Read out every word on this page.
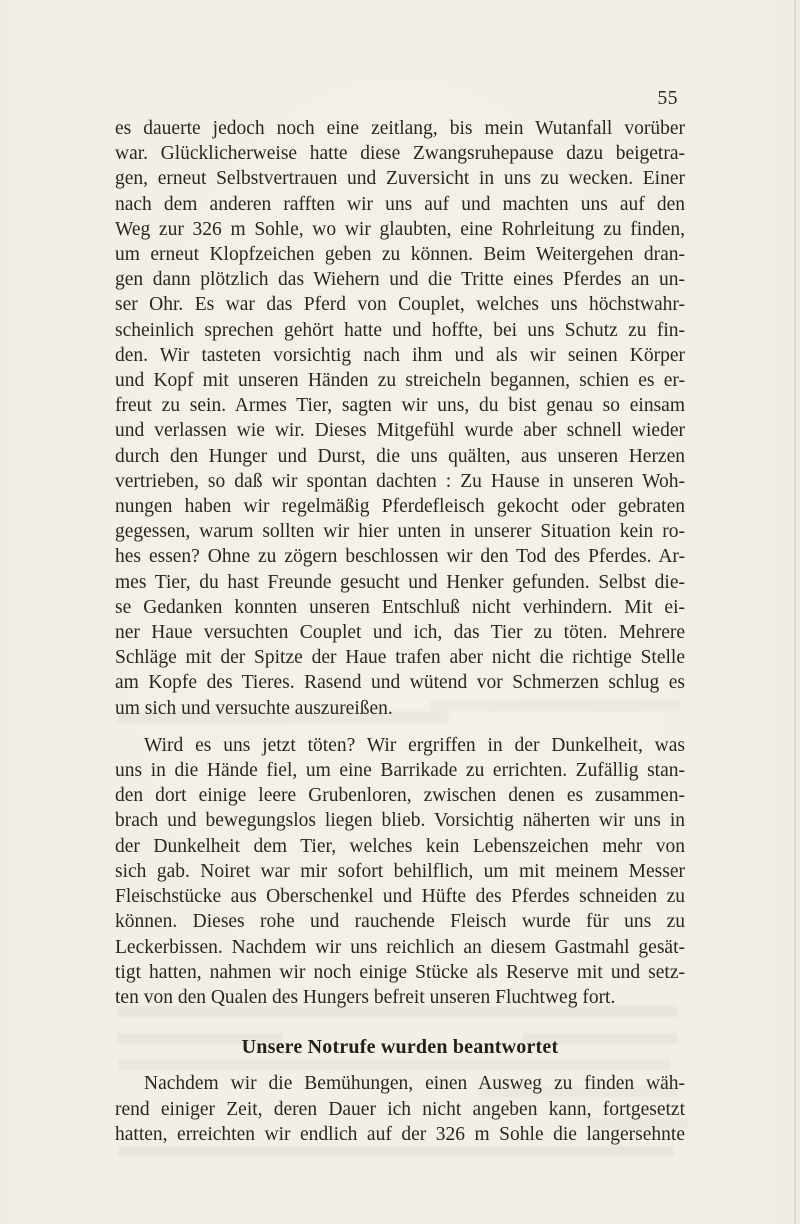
55
es dauerte jedoch noch eine zeitlang, bis mein Wutanfall vorüber
war. Glücklicherweise hatte diese Zwangsruhepause dazu beigetra-
gen, erneut Selbstvertrauen und Zuversicht in uns zu wecken. Einer
nach dem anderen rafften wir uns auf und machten uns auf den
Weg zur 326 m Sohle, wo wir glaubten, eine Rohrleitung zu finden,
um erneut Klopfzeichen geben zu können. Beim Weitergehen dran-
gen dann plötzlich das Wiehern und die Tritte eines Pferdes an un-
ser Ohr. Es war das Pferd von Couplet, welches uns höchstwahr-
scheinlich sprechen gehört hatte und hoffte, bei uns Schutz zu fin-
den. Wir tasteten vorsichtig nach ihm und als wir seinen Körper
und Kopf mit unseren Händen zu streicheln begannen, schien es er-
freut zu sein. Armes Tier, sagten wir uns, du bist genau so einsam
und verlassen wie wir. Dieses Mitgefühl wurde aber schnell wieder
durch den Hunger und Durst, die uns quälten, aus unseren Herzen
vertrieben, so daß wir spontan dachten : Zu Hause in unseren Woh-
nungen haben wir regelmäßig Pferdefleisch gekocht oder gebraten
gegessen, warum sollten wir hier unten in unserer Situation kein ro-
hes essen? Ohne zu zögern beschlossen wir den Tod des Pferdes. Ar-
mes Tier, du hast Freunde gesucht und Henker gefunden. Selbst die-
se Gedanken konnten unseren Entschluß nicht verhindern. Mit ei-
ner Haue versuchten Couplet und ich, das Tier zu töten. Mehrere
Schläge mit der Spitze der Haue trafen aber nicht die richtige Stelle
am Kopfe des Tieres. Rasend und wütend vor Schmerzen schlug es
um sich und versuchte auszureißen.
Wird es uns jetzt töten? Wir ergriffen in der Dunkelheit, was
uns in die Hände fiel, um eine Barrikade zu errichten. Zufällig stan-
den dort einige leere Grubenloren, zwischen denen es zusammen-
brach und bewegungslos liegen blieb. Vorsichtig näherten wir uns in
der Dunkelheit dem Tier, welches kein Lebenszeichen mehr von
sich gab. Noiret war mir sofort behilflich, um mit meinem Messer
Fleischstücke aus Oberschenkel und Hüfte des Pferdes schneiden zu
können. Dieses rohe und rauchende Fleisch wurde für uns zu
Leckerbissen. Nachdem wir uns reichlich an diesem Gastmahl gesät-
tigt hatten, nahmen wir noch einige Stücke als Reserve mit und setz-
ten von den Qualen des Hungers befreit unseren Fluchtweg fort.
Unsere Notrufe wurden beantwortet
Nachdem wir die Bemühungen, einen Ausweg zu finden wäh-
rend einiger Zeit, deren Dauer ich nicht angeben kann, fortgesetzt
hatten, erreichten wir endlich auf der 326 m Sohle die langersehnte
